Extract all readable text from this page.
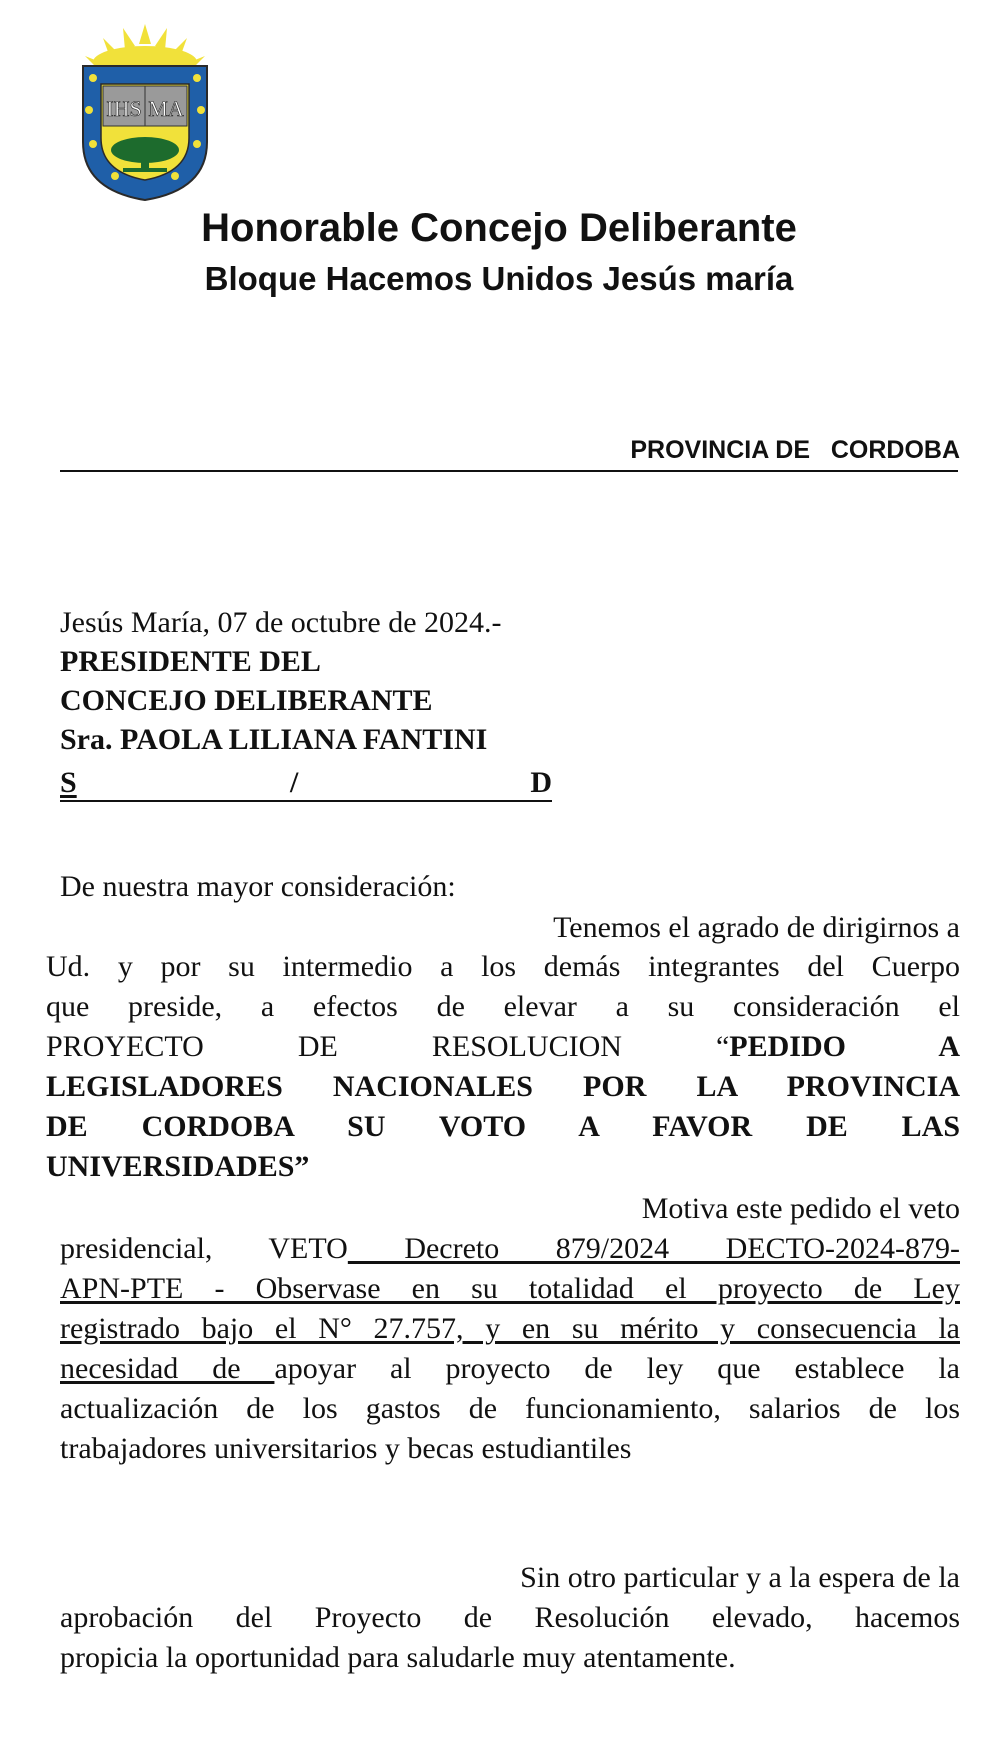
IHS MA
Honorable Concejo Deliberante
Bloque Hacemos Unidos Jesús maría
PROVINCIA DE   CORDOBA
Jesús María, 07 de octubre de 2024.-
PRESIDENTE DEL
CONCEJO DELIBERANTE
Sra. PAOLA LILIANA FANTINI
S	/	D
De nuestra mayor consideración:
Tenemos el agrado de dirigirnos a
Ud. y por su intermedio a los demás integrantes del Cuerpo
que preside, a efectos de elevar a su consideración el
PROYECTO DE RESOLUCION “PEDIDO A
LEGISLADORES NACIONALES POR LA PROVINCIA
DE CORDOBA SU VOTO A FAVOR DE LAS
UNIVERSIDADES”
Motiva este pedido el veto
presidencial, VETO Decreto 879/2024 DECTO-2024-879-
APN-PTE - Observase en su totalidad el proyecto de Ley
registrado bajo el N° 27.757, y en su mérito y consecuencia la
necesidad de apoyar al proyecto de ley que establece la
actualización de los gastos de funcionamiento, salarios de los
trabajadores universitarios y becas estudiantiles
Sin otro particular y a la espera de la
aprobación del Proyecto de Resolución elevado, hacemos
propicia la oportunidad para saludarle muy atentamente.
